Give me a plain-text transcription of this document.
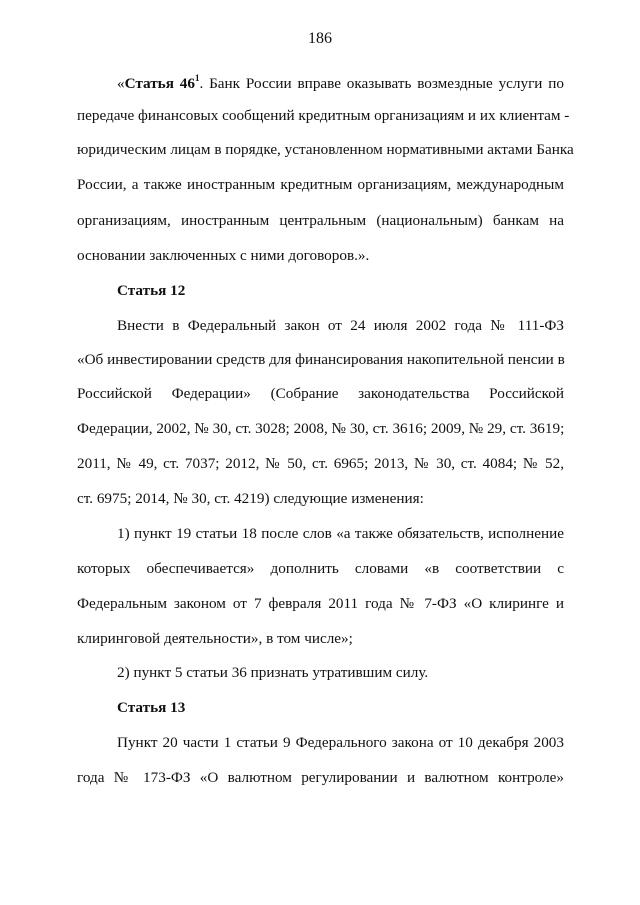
186
«Статья $46^1$. Банк России вправе оказывать возмездные услуги по
передаче финансовых сообщений кредитным организациям и их клиентам -
юридическим лицам в порядке, установленном нормативными актами Банка
России, а также иностранным кредитным организациям, международным
организациям, иностранным центральным (национальным) банкам на
основании заключенных с ними договоров.».
Статья 12
Внести в Федеральный закон от 24 июля 2002 года № 111-ФЗ
«Об инвестировании средств для финансирования накопительной пенсии в
Российской Федерации» (Собрание законодательства Российской
Федерации, 2002, № 30, ст. 3028; 2008, № 30, ст. 3616; 2009, № 29, ст. 3619;
2011, № 49, ст. 7037; 2012, № 50, ст. 6965; 2013, № 30, ст. 4084; № 52,
ст. 6975; 2014, № 30, ст. 4219) следующие изменения:
1) пункт 19 статьи 18 после слов «а также обязательств, исполнение
которых обеспечивается» дополнить словами «в соответствии с
Федеральным законом от 7 февраля 2011 года № 7-ФЗ «О клиринге и
клиринговой деятельности», в том числе»;
2) пункт 5 статьи 36 признать утратившим силу.
Статья 13
Пункт 20 части 1 статьи 9 Федерального закона от 10 декабря 2003
года № 173-ФЗ «О валютном регулировании и валютном контроле»
